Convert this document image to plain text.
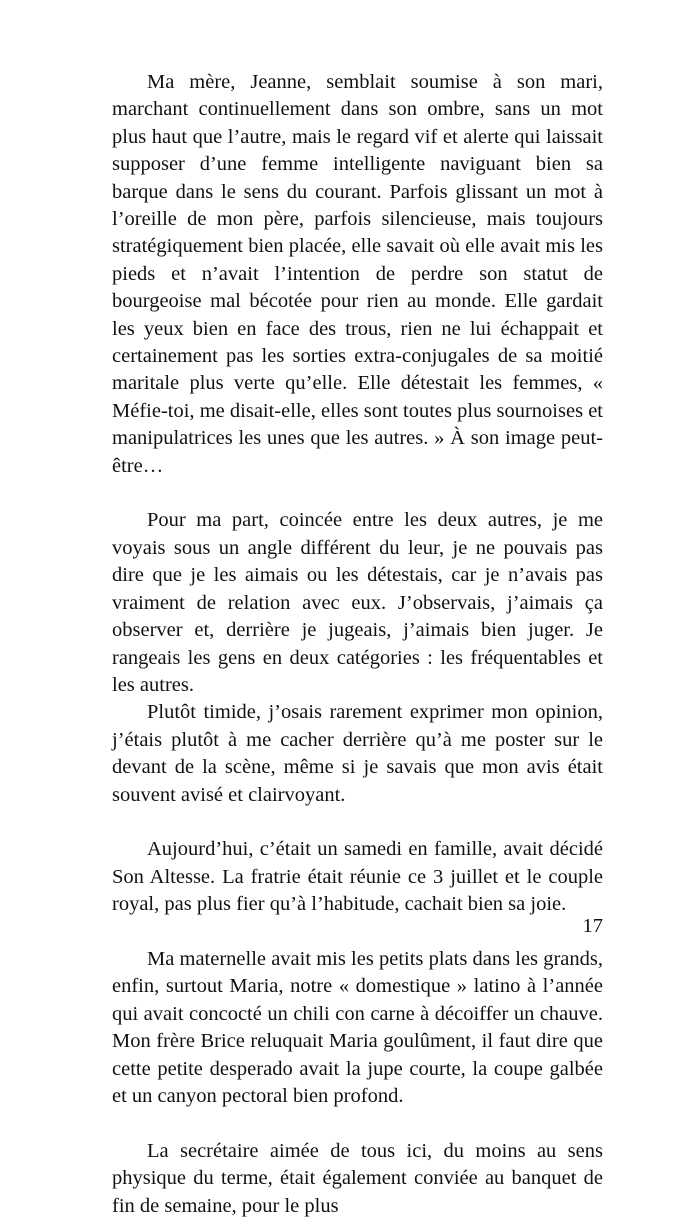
Ma mère, Jeanne, semblait soumise à son mari, marchant continuellement dans son ombre, sans un mot plus haut que l’autre, mais le regard vif et alerte qui laissait supposer d’une femme intelligente naviguant bien sa barque dans le sens du courant. Parfois glissant un mot à l’oreille de mon père, parfois silencieuse, mais toujours stratégiquement bien placée, elle savait où elle avait mis les pieds et n’avait l’intention de perdre son statut de bourgeoise mal bécotée pour rien au monde. Elle gardait les yeux bien en face des trous, rien ne lui échappait et certainement pas les sorties extra-conjugales de sa moitié maritale plus verte qu’elle. Elle détestait les femmes, « Méfie-toi, me disait-elle, elles sont toutes plus sournoises et manipulatrices les unes que les autres. » À son image peut-être…

Pour ma part, coincée entre les deux autres, je me voyais sous un angle différent du leur, je ne pouvais pas dire que je les aimais ou les détestais, car je n’avais pas vraiment de relation avec eux. J’observais, j’aimais ça observer et, derrière je jugeais, j’aimais bien juger. Je rangeais les gens en deux catégories : les fréquentables et les autres.

Plutôt timide, j’osais rarement exprimer mon opinion, j’étais plutôt à me cacher derrière qu’à me poster sur le devant de la scène, même si je savais que mon avis était souvent avisé et clairvoyant.

Aujourd’hui, c’était un samedi en famille, avait décidé Son Altesse. La fratrie était réunie ce 3 juillet et le couple royal, pas plus fier qu’à l’habitude, cachait bien sa joie.

Ma maternelle avait mis les petits plats dans les grands, enfin, surtout Maria, notre « domestique » latino à l’année qui avait concocté un chili con carne à décoiffer un chauve. Mon frère Brice reluquait Maria goulûment, il faut dire que cette petite desperado avait la jupe courte, la coupe galbée et un canyon pectoral bien profond.

La secrétaire aimée de tous ici, du moins au sens physique du terme, était également conviée au banquet de fin de semaine, pour le plus

17
